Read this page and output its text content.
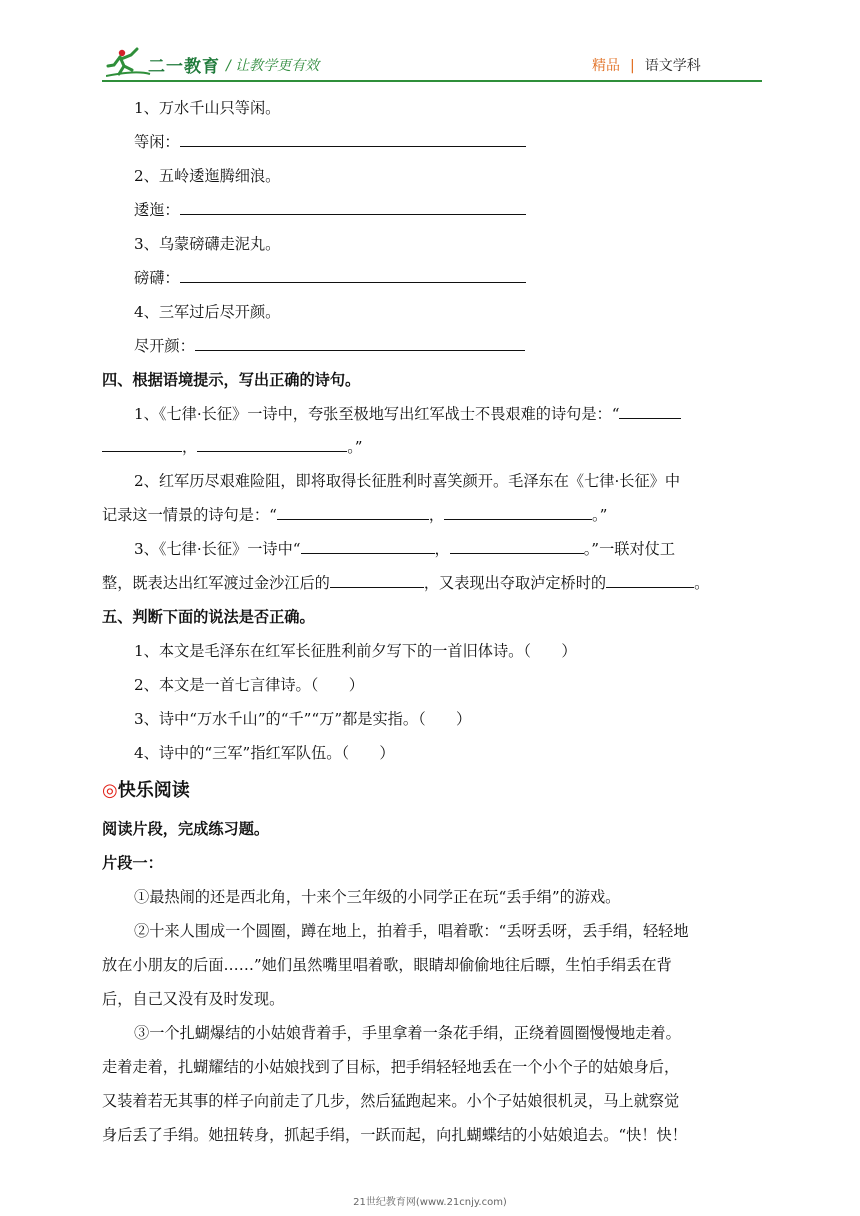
二一教育 / 让教学更有效	精品 | 语文学科
1、万水千山只等闲。
等闲：
2、五岭逶迤腾细浪。
逶迤：
3、乌蒙磅礴走泥丸。
磅礴：
4、三军过后尽开颜。
尽开颜：
四、根据语境提示，写出正确的诗句。
1、《七律·长征》一诗中，夸张至极地写出红军战士不畏艰难的诗句是：“
，	。”
2、红军历尽艰难险阻，即将取得长征胜利时喜笑颜开。毛泽东在《七律·长征》中
记录这一情景的诗句是：“	，	。”
3、《七律·长征》一诗中“	，	。”一联对仗工
整，既表达出红军渡过金沙江后的	，又表现出夺取泸定桥时的	。
五、判断下面的说法是否正确。
1、本文是毛泽东在红军长征胜利前夕写下的一首旧体诗。（　　）
2、本文是一首七言律诗。（　　）
3、诗中“万水千山”的“千”“万”都是实指。（　　）
4、诗中的“三军”指红军队伍。（　　）
◎快乐阅读
阅读片段，完成练习题。
片段一：
①最热闹的还是西北角，十来个三年级的小同学正在玩“丢手绢”的游戏。
②十来人围成一个圆圈，蹲在地上，拍着手，唱着歌：“丢呀丢呀，丢手绢，轻轻地
放在小朋友的后面……”她们虽然嘴里唱着歌，眼睛却偷偷地往后瞟，生怕手绢丢在背
后，自己又没有及时发现。
③一个扎蝴爆结的小姑娘背着手，手里拿着一条花手绢，正绕着圆圈慢慢地走着。
走着走着，扎蝴耀结的小姑娘找到了目标，把手绢轻轻地丢在一个小个子的姑娘身后，
又装着若无其事的样子向前走了几步，然后猛跑起来。小个子姑娘很机灵，马上就察觉
身后丢了手绢。她扭转身，抓起手绢，一跃而起，向扎蝴蝶结的小姑娘追去。“快！快！
21世纪教育网(www.21cnjy.com)
